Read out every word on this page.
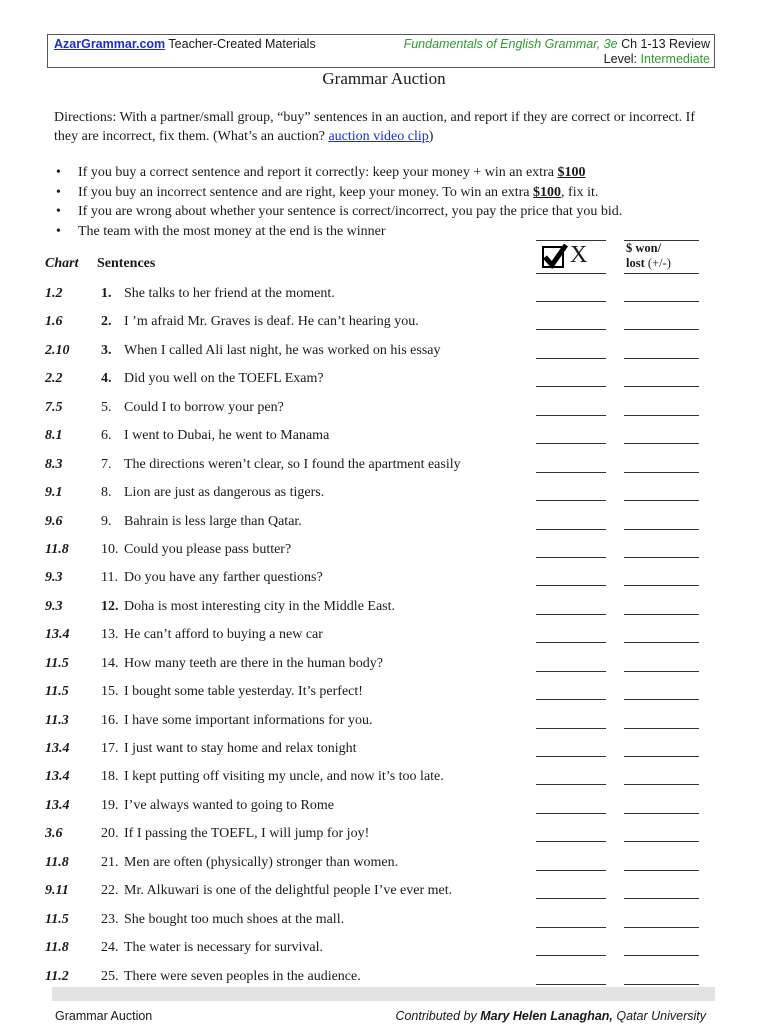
AzarGrammar.com Teacher-Created Materials	Fundamentals of English Grammar, 3e Ch 1-13 Review
Level: Intermediate
Grammar Auction
Directions: With a partner/small group, “buy” sentences in an auction, and report if they are correct or incorrect. If they are incorrect, fix them. (What’s an auction? auction video clip)
• If you buy a correct sentence and report it correctly: keep your money + win an extra $100
• If you buy an incorrect sentence and are right, keep your money. To win an extra $100, fix it.
• If you are wrong about whether your sentence is correct/incorrect, you pay the price that you bid.
• The team with the most money at the end is the winner
Chart Sentences	X	$ won/
lost (+/-)
1.2	1. She talks to her friend at the moment.
1.6	2. I ’m afraid Mr. Graves is deaf. He can’t hearing you.
2.10 3. When I called Ali last night, he was worked on his essay
2.2	4. Did you well on the TOEFL Exam?
7.5	5. Could I to borrow your pen?
8.1	6. I went to Dubai, he went to Manama
8.3	7. The directions weren’t clear, so I found the apartment easily
9.1	8. Lion are just as dangerous as tigers.
9.6	9. Bahrain is less large than Qatar.
11.8 10. Could you please pass butter?
9.3	11. Do you have any farther questions?
9.3	12. Doha is most interesting city in the Middle East.
13.4 13. He can’t afford to buying a new car
11.5 14. How many teeth are there in the human body?
11.5 15. I bought some table yesterday. It’s perfect!
11.3 16. I have some important informations for you.
13.4 17. I just want to stay home and relax tonight
13.4 18. I kept putting off visiting my uncle, and now it’s too late.
13.4 19. I’ve always wanted to going to Rome
3.6	20. If I passing the TOEFL, I will jump for joy!
11.8 21. Men are often (physically) stronger than women.
9.11 22. Mr. Alkuwari is one of the delightful people I’ve ever met.
11.5 23. She bought too much shoes at the mall.
11.8 24. The water is necessary for survival.
11.2 25. There were seven peoples in the audience.
Grammar Auction	Contributed by Mary Helen Lanaghan, Qatar University
